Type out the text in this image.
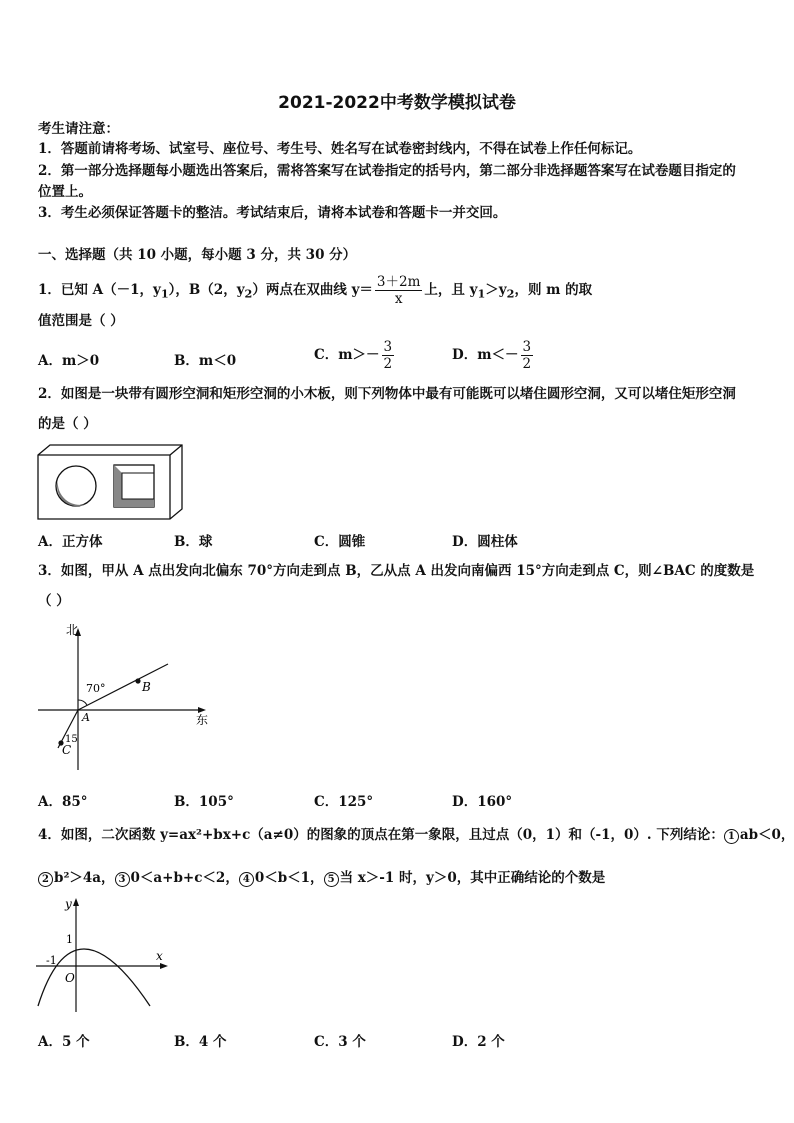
2021-2022中考数学模拟试卷
考生请注意：
1．答题前请将考场、试室号、座位号、考生号、姓名写在试卷密封线内，不得在试卷上作任何标记。
2．第一部分选择题每小题选出答案后，需将答案写在试卷指定的括号内，第二部分非选择题答案写在试卷题目指定的
位置上。
3．考生必须保证答题卡的整洁。考试结束后，请将本试卷和答题卡一并交回。
一、选择题（共 10 小题，每小题 3 分，共 30 分）
1．已知 A（－1，$y_1$），B（2，$y_2$）两点在双曲线 $y= \frac{3+2m}{x}$ 上，且 $y_1>y_2$，则 m 的取
值范围是（ ）
A．m＞0	B．m＜0	C．$m>- \frac{3}{2}$	D．$m<- \frac{3}{2}$
2．如图是一块带有圆形空洞和矩形空洞的小木板，则下列物体中最有可能既可以堵住圆形空洞，又可以堵住矩形空洞
的是（ ）
A．正方体	B．球	C．圆锥	D．圆柱体
3．如图，甲从 A 点出发向北偏东 70°方向走到点 B，乙从点 A 出发向南偏西 15°方向走到点 C，则∠BAC 的度数是
（ ）
北
东
70°
15
A
B
C
A．85°	B．105°	C．125°	D．160°
4．如图，二次函数 y=ax²+bx+c（a≠0）的图象的顶点在第一象限，且过点（0，1）和（-1，0）. 下列结论： 1 ab＜0，
2 b²＞4a， 3 0＜a+b+c＜2， 4 0＜b＜1， 5 当 x＞-1 时，y＞0，其中正确结论的个数是
y
x
1
-1
O
A．5 个	B．4 个	C．3 个	D．2 个
